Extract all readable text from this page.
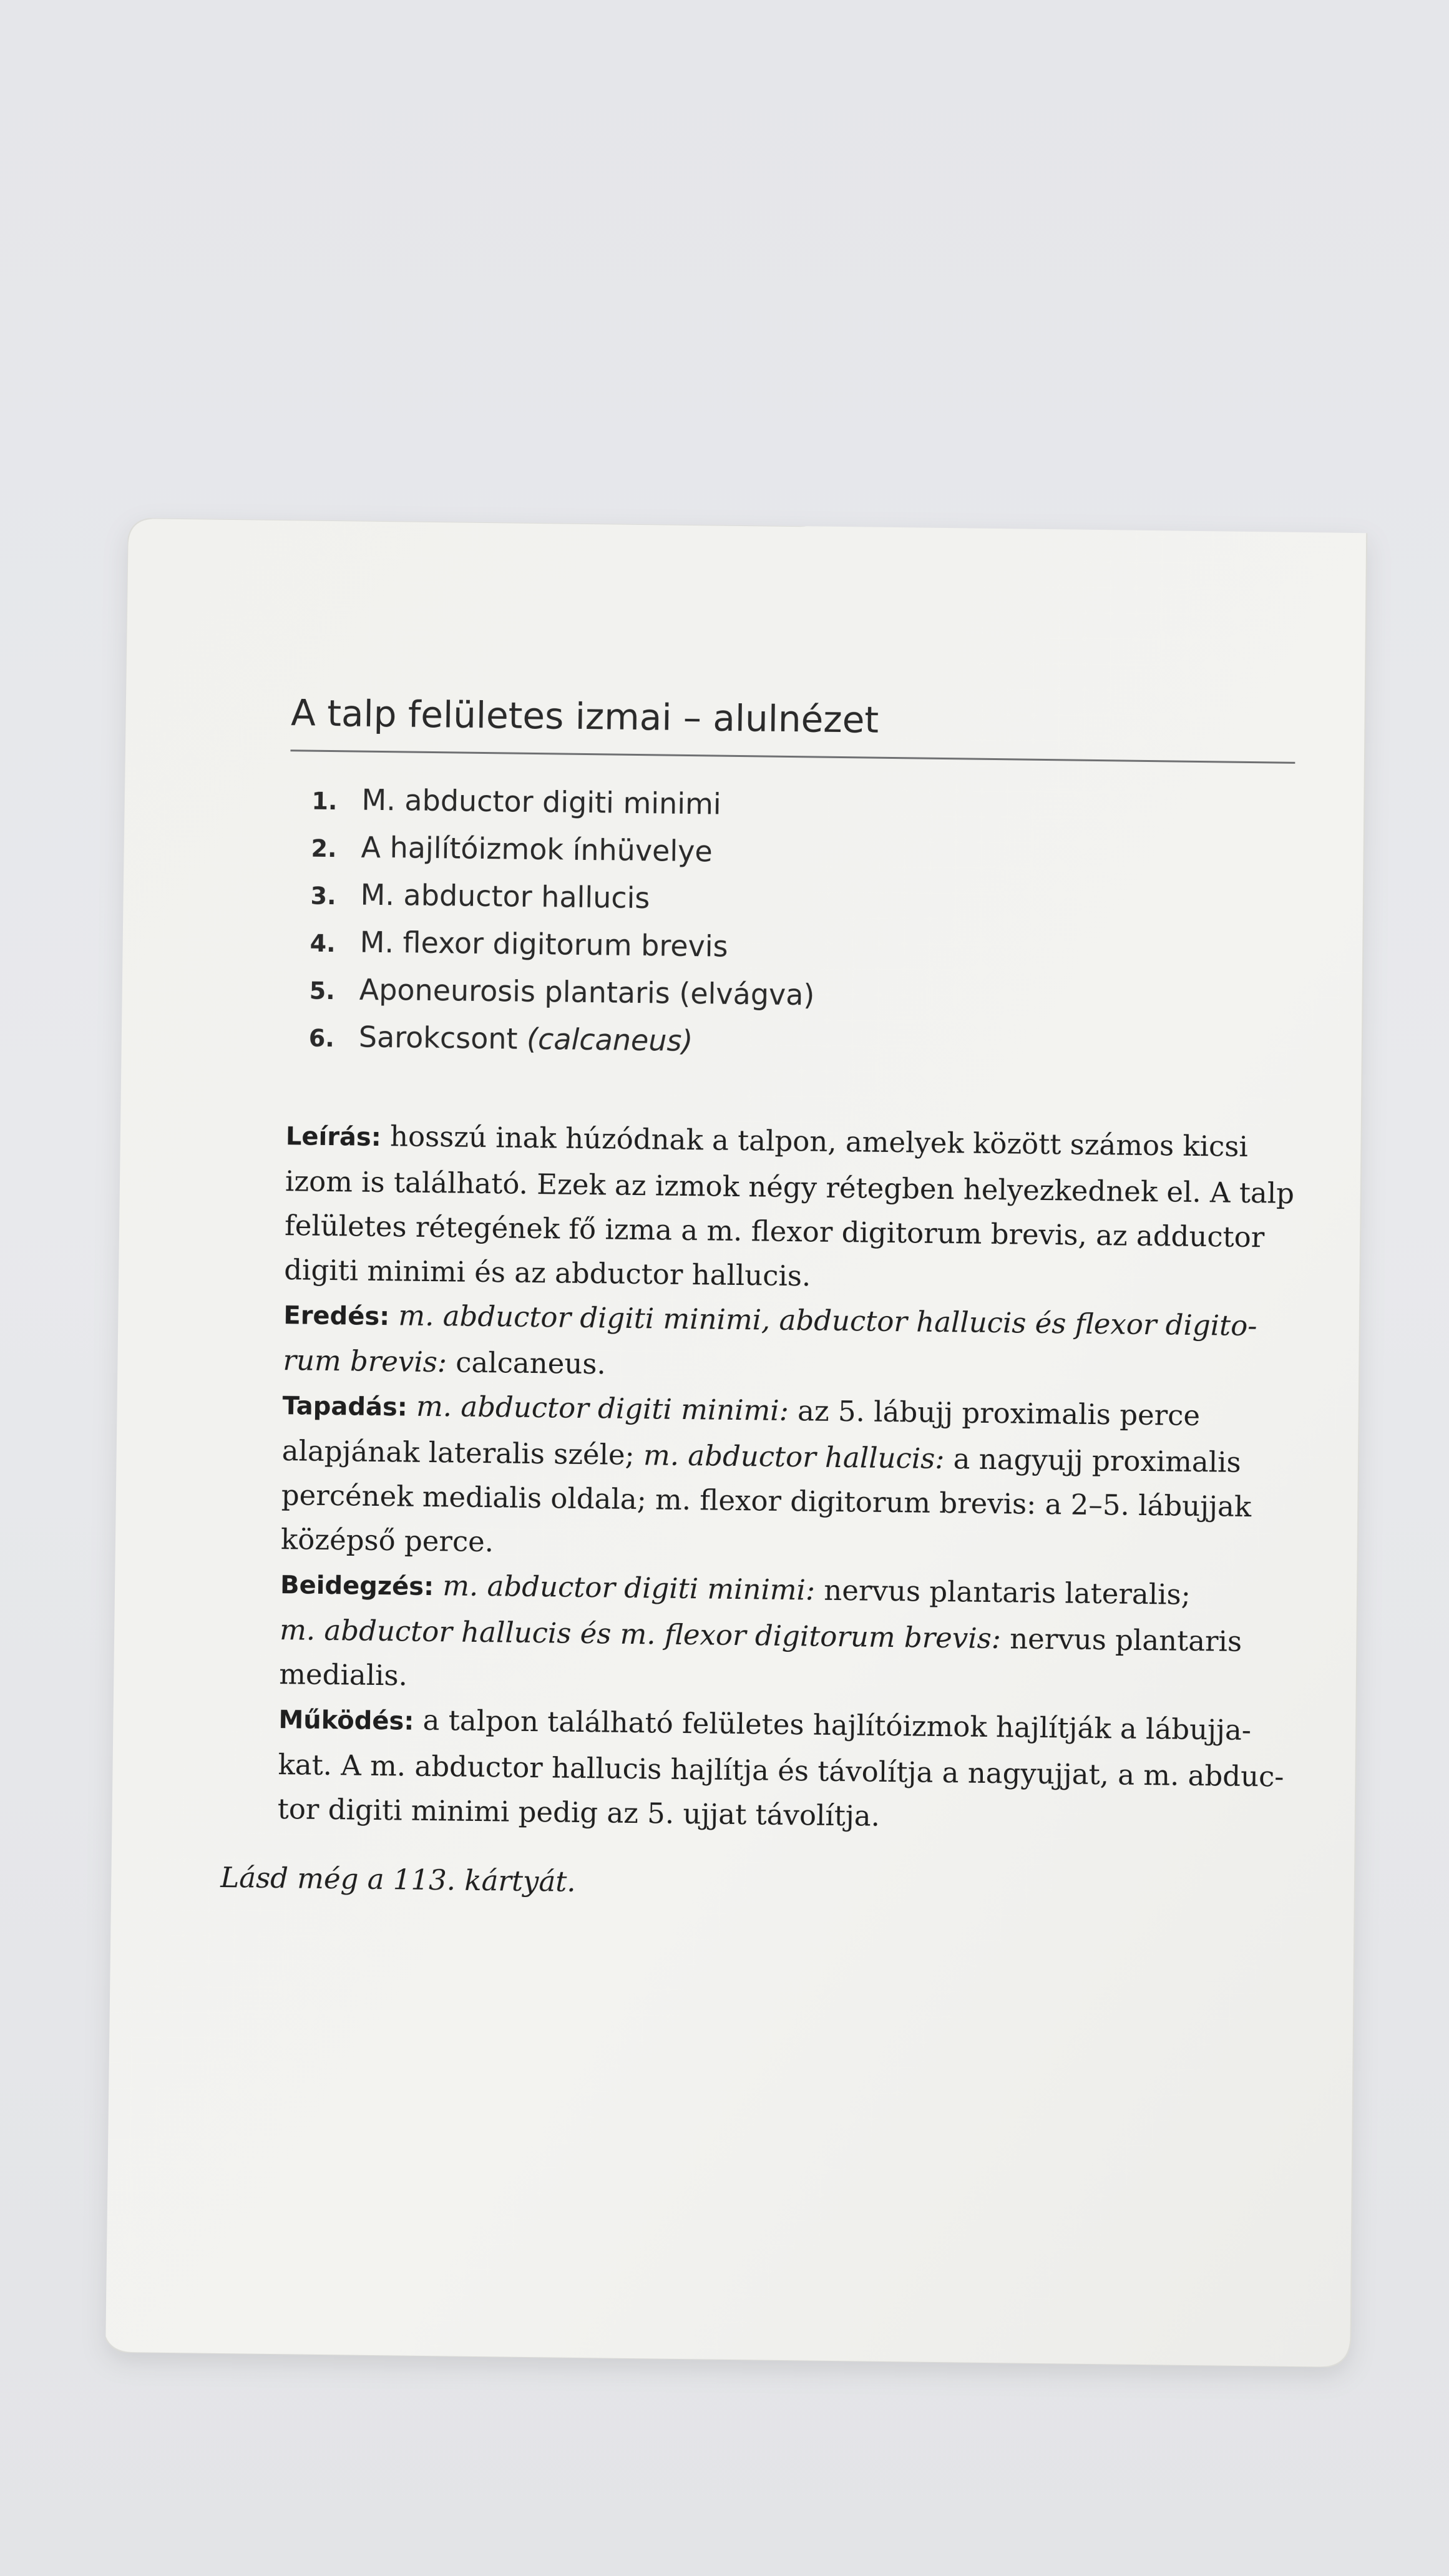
A talp felületes izmai – alulnézet
1. M. abductor digiti minimi
2. A hajlítóizmok ínhüvelye
3. M. abductor hallucis
4. M. flexor digitorum brevis
5. Aponeurosis plantaris (elvágva)
6. Sarokcsont (calcaneus)
Leírás: hosszú inak húzódnak a talpon, amelyek között számos kicsi
izom is található. Ezek az izmok négy rétegben helyezkednek el. A talp
felületes rétegének fő izma a m. flexor digitorum brevis, az adductor
digiti minimi és az abductor hallucis.
Eredés: m. abductor digiti minimi, abductor hallucis és flexor digito-
rum brevis: calcaneus.
Tapadás: m. abductor digiti minimi: az 5. lábujj proximalis perce
alapjának lateralis széle; m. abductor hallucis: a nagyujj proximalis
percének medialis oldala; m. flexor digitorum brevis: a 2–5. lábujjak
középső perce.
Beidegzés: m. abductor digiti minimi: nervus plantaris lateralis;
m. abductor hallucis és m. flexor digitorum brevis: nervus plantaris
medialis.
Működés: a talpon található felületes hajlítóizmok hajlítják a lábujja-
kat. A m. abductor hallucis hajlítja és távolítja a nagyujjat, a m. abduc-
tor digiti minimi pedig az 5. ujjat távolítja.
Lásd még a 113. kártyát.
